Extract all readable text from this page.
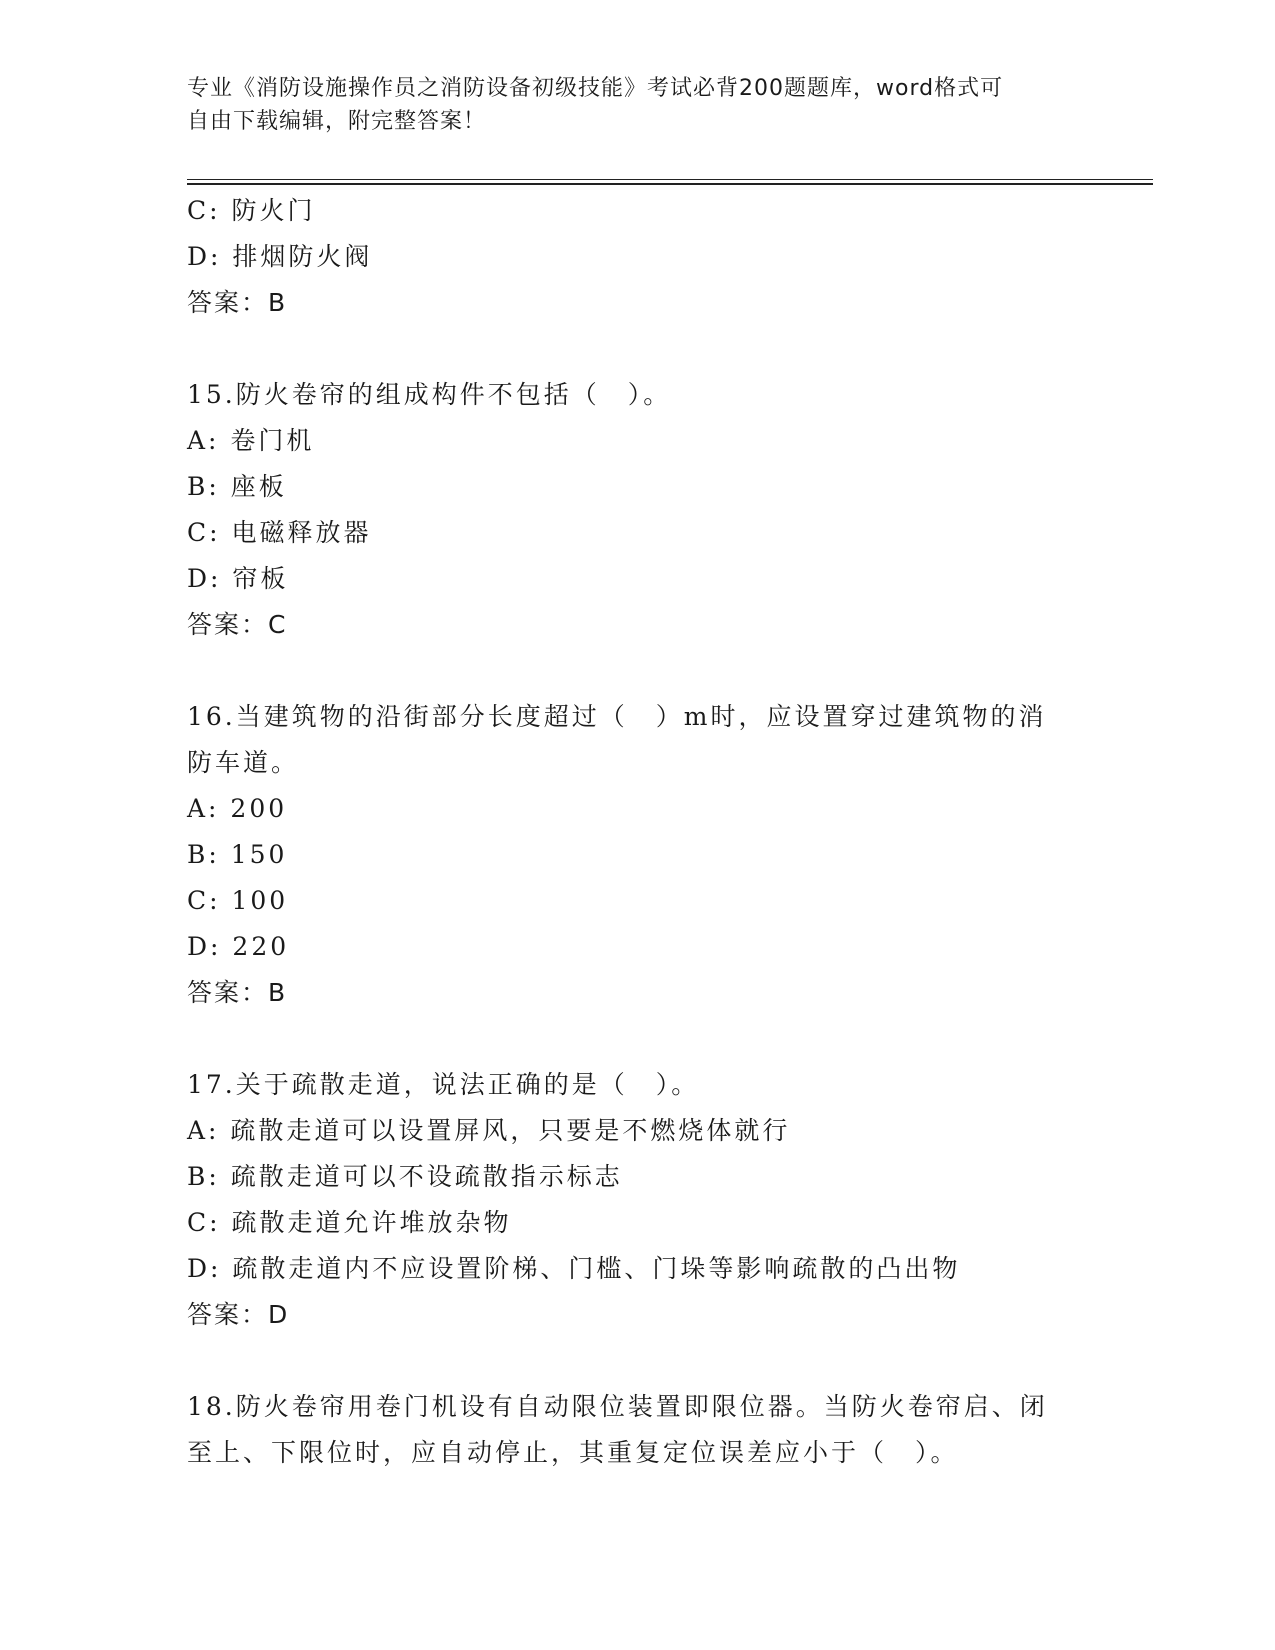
专业《消防设施操作员之消防设备初级技能》考试必背200题题库，word格式可
自由下载编辑，附完整答案！
C: 防火门
D: 排烟防火阀
答案：B
15.防火卷帘的组成构件不包括（　）。
A: 卷门机
B: 座板
C: 电磁释放器
D: 帘板
答案：C
16.当建筑物的沿街部分长度超过（　）m时，应设置穿过建筑物的消
防车道。
A: 200
B: 150
C: 100
D: 220
答案：B
17.关于疏散走道，说法正确的是（　）。
A: 疏散走道可以设置屏风，只要是不燃烧体就行
B: 疏散走道可以不设疏散指示标志
C: 疏散走道允许堆放杂物
D: 疏散走道内不应设置阶梯、门槛、门垛等影响疏散的凸出物
答案：D
18.防火卷帘用卷门机设有自动限位装置即限位器。当防火卷帘启、闭
至上、下限位时，应自动停止，其重复定位误差应小于（　）。
